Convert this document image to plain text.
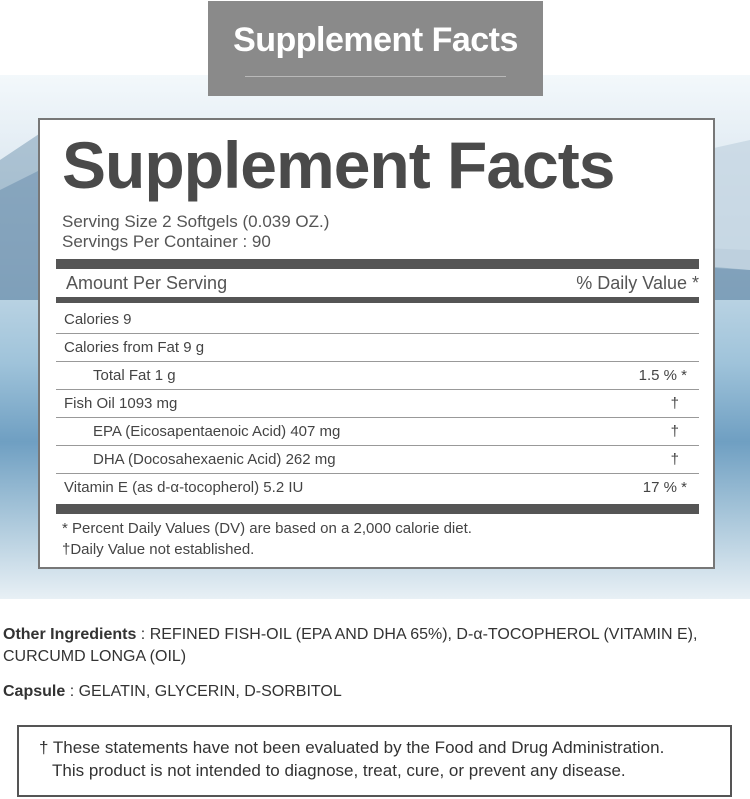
Supplement Facts
Supplement Facts
Serving Size 2 Softgels (0.039 OZ.)
Servings Per Container : 90
Amount Per Serving	% Daily Value *
Calories 9
Calories from Fat 9 g
Total Fat 1 g	1.5 % *
Fish Oil 1093 mg	†
EPA (Eicosapentaenoic Acid) 407 mg	†
DHA (Docosahexaenic Acid) 262 mg	†
Vitamin E (as d-α-tocopherol) 5.2 IU	17 % *
* Percent Daily Values (DV) are based on a 2,000 calorie diet.
†Daily Value not established.
Other Ingredients : REFINED FISH-OIL (EPA AND DHA 65%), D-α-TOCOPHEROL (VITAMIN E), CURCUMD LONGA (OIL)
Capsule : GELATIN, GLYCERIN, D-SORBITOL
† These statements have not been evaluated by the Food and Drug Administration.
This product is not intended to diagnose, treat, cure, or prevent any disease.
